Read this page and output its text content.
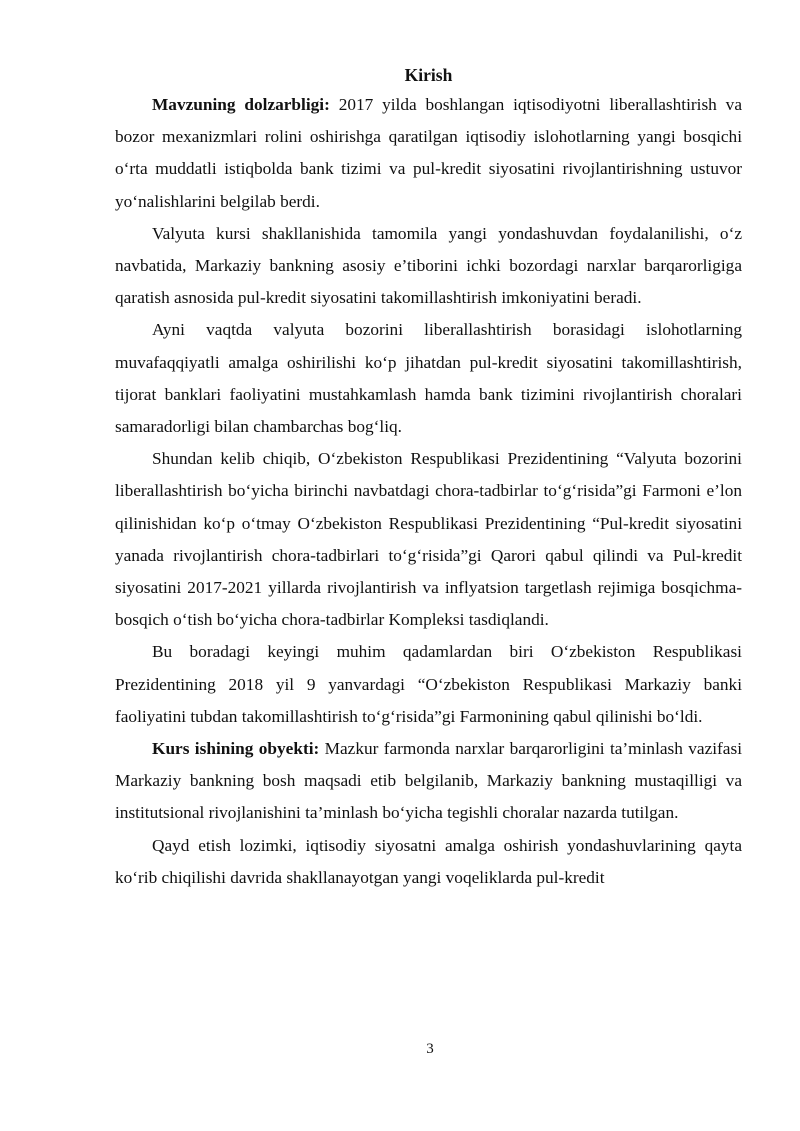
Kirish

Mavzuning dolzarbligi: 2017 yilda boshlangan iqtisodiyotni liberallashtirish va bozor mexanizmlari rolini oshirishga qaratilgan iqtisodiy islohotlarning yangi bosqichi o‘rta muddatli istiqbolda bank tizimi va pul-kredit siyosatini rivojlantirishning ustuvor yo‘nalishlarini belgilab berdi.

Valyuta kursi shakllanishida tamomila yangi yondashuvdan foydalanilishi, o‘z navbatida, Markaziy bankning asosiy e’tiborini ichki bozordagi narxlar barqarorligiga qaratish asnosida pul-kredit siyosatini takomillashtirish imkoniyatini beradi.

Ayni vaqtda valyuta bozorini liberallashtirish borasidagi islohotlarning muvafaqqiyatli amalga oshirilishi ko‘p jihatdan pul-kredit siyosatini takomillashtirish, tijorat banklari faoliyatini mustahkamlash hamda bank tizimini rivojlantirish choralari samaradorligi bilan chambarchas bog‘liq.

Shundan kelib chiqib, O‘zbekiston Respublikasi Prezidentining “Valyuta bozorini liberallashtirish bo‘yicha birinchi navbatdagi chora-tadbirlar to‘g‘risida”gi Farmoni e’lon qilinishidan ko‘p o‘tmay O‘zbekiston Respublikasi Prezidentining “Pul-kredit siyosatini yanada rivojlantirish chora-tadbirlari to‘g‘risida”gi Qarori qabul qilindi va Pul-kredit siyosatini 2017-2021 yillarda rivojlantirish va inflyatsion targetlash rejimiga bosqichma-bosqich o‘tish bo‘yicha chora-tadbirlar Kompleksi tasdiqlandi.

Bu boradagi keyingi muhim qadamlardan biri O‘zbekiston Respublikasi Prezidentining 2018 yil 9 yanvardagi “O‘zbekiston Respublikasi Markaziy banki faoliyatini tubdan takomillashtirish to‘g‘risida”gi Farmonining qabul qilinishi bo‘ldi.

Kurs ishining obyekti: Mazkur farmonda narxlar barqarorligini ta’minlash vazifasi Markaziy bankning bosh maqsadi etib belgilanib, Markaziy bankning mustaqilligi va institutsional rivojlanishini ta’minlash bo‘yicha tegishli choralar nazarda tutilgan.

Qayd etish lozimki, iqtisodiy siyosatni amalga oshirish yondashuvlarining qayta ko‘rib chiqilishi davrida shakllanayotgan yangi voqeliklarda pul-kredit

3
